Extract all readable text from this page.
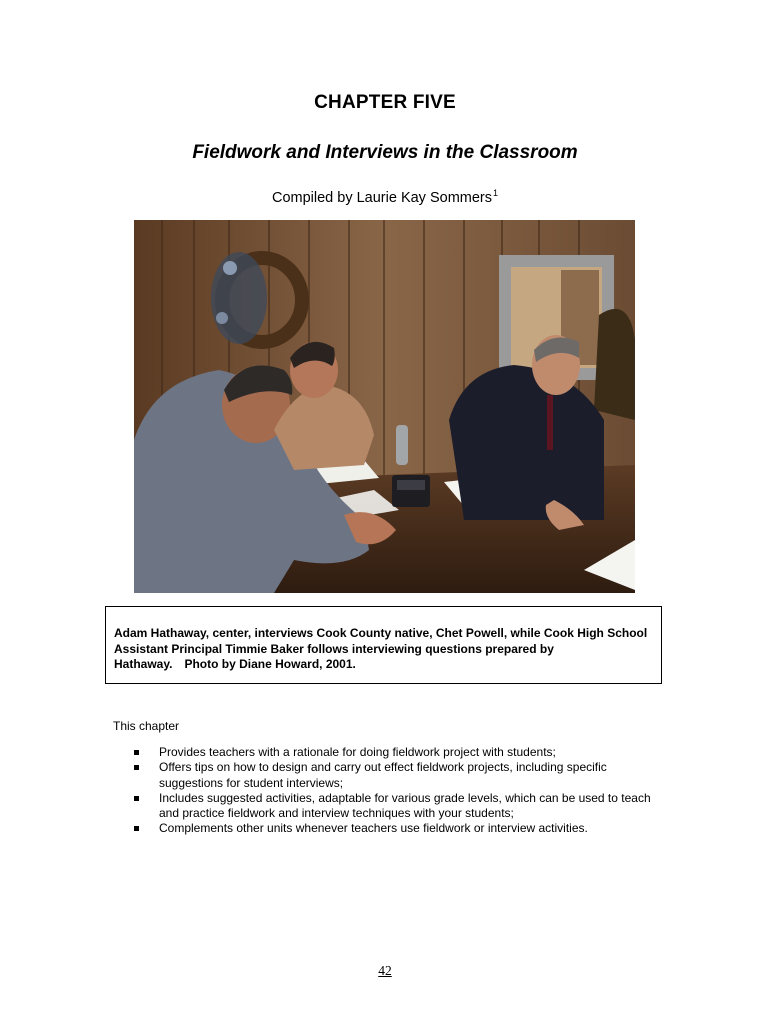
CHAPTER FIVE
Fieldwork and Interviews in the Classroom
Compiled by Laurie Kay Sommers$^1$
Adam Hathaway, center, interviews Cook County native, Chet Powell, while Cook High School Assistant Principal Timmie Baker follows interviewing questions prepared by Hathaway. Photo by Diane Howard, 2001.
This chapter
Provides teachers with a rationale for doing fieldwork project with students;
Offers tips on how to design and carry out effect fieldwork projects, including specific suggestions for student interviews;
Includes suggested activities, adaptable for various grade levels, which can be used to teach and practice fieldwork and interview techniques with your students;
Complements other units whenever teachers use fieldwork or interview activities.
42
